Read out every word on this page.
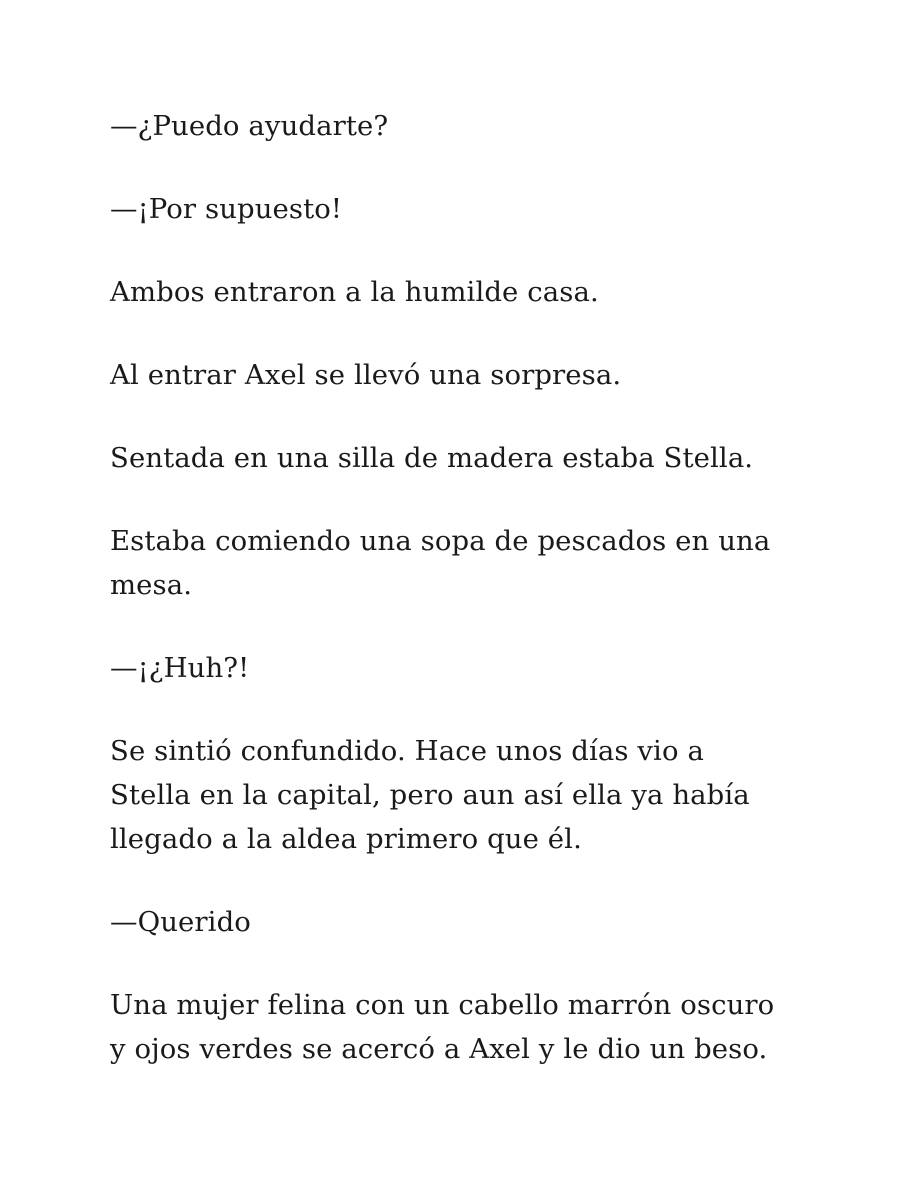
—¿Puedo ayudarte?

—¡Por supuesto!

Ambos entraron a la humilde casa.

Al entrar Axel se llevó una sorpresa.

Sentada en una silla de madera estaba Stella.

Estaba comiendo una sopa de pescados en una mesa.

—¡¿Huh?!

Se sintió confundido. Hace unos días vio a Stella en la capital, pero aun así ella ya había llegado a la aldea primero que él.

—Querido

Una mujer felina con un cabello marrón oscuro y ojos verdes se acercó a Axel y le dio un beso.
